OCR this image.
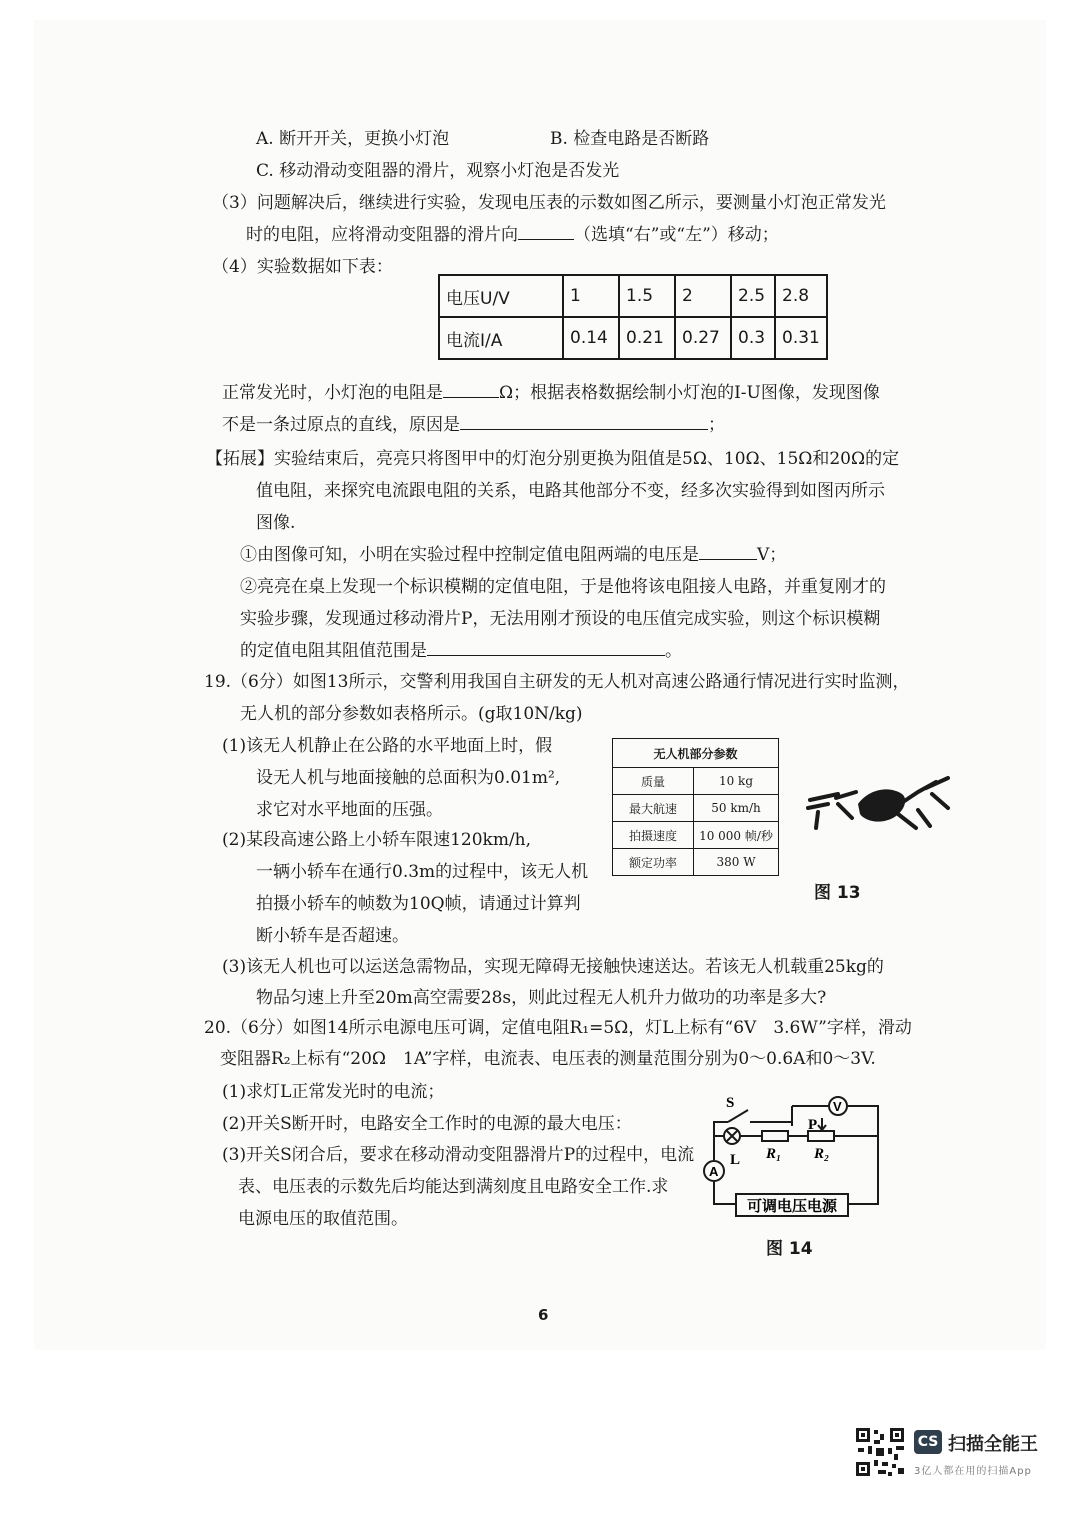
A. 断开开关，更换小灯泡	B. 检查电路是否断路
C. 移动滑动变阻器的滑片，观察小灯泡是否发光
（3）问题解决后，继续进行实验，发现电压表的示数如图乙所示，要测量小灯泡正常发光
时的电阻，应将滑动变阻器的滑片向	（选填“右”或“左”）移动；
（4）实验数据如下表：
电压U/V	1	1.5	2	2.5	2.8
电流I/A	0.14	0.21	0.27	0.3	0.31
正常发光时，小灯泡的电阻是	Ω；根据表格数据绘制小灯泡的I-U图像，发现图像
不是一条过原点的直线，原因是	；
【拓展】实验结束后，亮亮只将图甲中的灯泡分别更换为阻值是5Ω、10Ω、15Ω和20Ω的定
值电阻，来探究电流跟电阻的关系，电路其他部分不变，经多次实验得到如图丙所示
图像.
①由图像可知，小明在实验过程中控制定值电阻两端的电压是	V；
②亮亮在桌上发现一个标识模糊的定值电阻，于是他将该电阻接人电路，并重复刚才的
实验步骤，发现通过移动滑片P，无法用刚才预设的电压值完成实验，则这个标识模糊
的定值电阻其阻值范围是	。
19.（6分）如图13所示，交警利用我国自主研发的无人机对高速公路通行情况进行实时监测，
无人机的部分参数如表格所示。(g取10N/kg)
(1)该无人机静止在公路的水平地面上时，假
设无人机与地面接触的总面积为0.01m²,
求它对水平地面的压强。
(2)某段高速公路上小轿车限速120km/h,
一辆小轿车在通行0.3m的过程中，该无人机
拍摄小轿车的帧数为10Q帧，请通过计算判
断小轿车是否超速。
(3)该无人机也可以运送急需物品，实现无障碍无接触快速送达。若该无人机载重25kg的
物品匀速上升至20m高空需要28s，则此过程无人机升力做功的功率是多大?
无人机部分参数	
质量	10 kg
最大航速	50 km/h
拍摄速度	10 000 帧/秒
额定功率	380 W
图 13
20.（6分）如图14所示电源电压可调，定值电阻R₁=5Ω，灯L上标有“6V　3.6W”字样，滑动
变阻器R₂上标有“20Ω　1A”字样，电流表、电压表的测量范围分别为0～0.6A和0～3V.
(1)求灯L正常发光时的电流；
(2)开关S断开时，电路安全工作时的电源的最大电压：
(3)开关S闭合后，要求在移动滑动变阻器滑片P的过程中，电流
表、电压表的示数先后均能达到满刻度且电路安全工作.求
电源电压的取值范围。
S
L R₁ R₂
P
A
V
可调电压电源
图 14
6
CS 扫描全能王
3亿人都在用的扫描App
